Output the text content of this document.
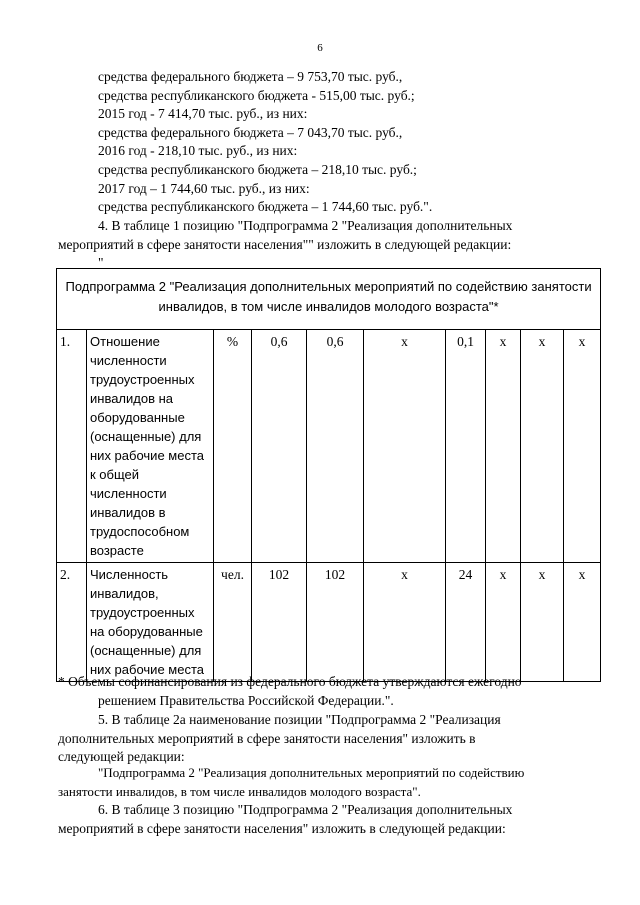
6
средства федерального бюджета – 9 753,70 тыс. руб.,
средства республиканского бюджета - 515,00 тыс. руб.;
2015 год - 7 414,70 тыс. руб., из них:
средства федерального бюджета – 7 043,70 тыс. руб.,
2016 год - 218,10 тыс. руб., из них:
средства республиканского бюджета – 218,10 тыс. руб.;
2017 год – 1 744,60 тыс. руб., из них:
средства республиканского бюджета – 1 744,60 тыс. руб.".
4. В таблице 1 позицию "Подпрограмма 2 "Реализация дополнительных
мероприятий в сфере занятости населения"" изложить в следующей редакции:
"
Подпрограмма 2 "Реализация дополнительных мероприятий по содействию занятости инвалидов, в том числе инвалидов молодого возраста"*									
1.	Отношение численности трудоустроенных инвалидов на оборудованные (оснащенные) для них рабочие места к общей численности инвалидов в трудоспособном возрасте	%	0,6	0,6	x	0,1	x	x	x
2.	Численность инвалидов, трудоустроенных на оборудованные (оснащенные) для них рабочие места	чел.	102	102	x	24	x	x	x
* Объемы софинансирования из федерального бюджета утверждаются ежегодно
решением Правительства Российской Федерации.".
5. В таблице 2а наименование позиции "Подпрограмма 2 "Реализация
дополнительных мероприятий в сфере занятости населения" изложить в
следующей редакции:
"Подпрограмма 2 "Реализация дополнительных мероприятий по содействию
занятости инвалидов, в том числе инвалидов молодого возраста".
6. В таблице 3 позицию "Подпрограмма 2 "Реализация дополнительных
мероприятий в сфере занятости населения" изложить в следующей редакции:
